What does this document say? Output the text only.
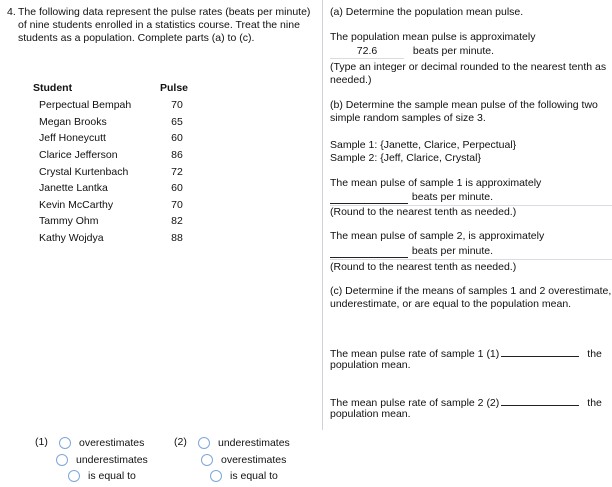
4. The following data represent the pulse rates (beats per minute) of nine students enrolled in a statistics course. Treat the nine students as a population. Complete parts (a) to (c).
Student	Pulse
Perpectual Bempah	70
Megan Brooks	65
Jeff Honeycutt	60
Clarice Jefferson	86
Crystal Kurtenbach	72
Janette Lantka	60
Kevin McCarthy	70
Tammy Ohm	82
Kathy Wojdya	88
(a) Determine the population mean pulse.
The population mean pulse is approximately
72.6	beats per minute.
(Type an integer or decimal rounded to the nearest tenth as needed.)
(b) Determine the sample mean pulse of the following two simple random samples of size 3.
Sample 1: {Janette, Clarice, Perpectual}
Sample 2: {Jeff, Clarice, Crystal}
The mean pulse of sample 1 is approximately
beats per minute.
(Round to the nearest tenth as needed.)
The mean pulse of sample 2, is approximately
beats per minute.
(Round to the nearest tenth as needed.)
(c) Determine if the means of samples 1 and 2 overestimate, underestimate, or are equal to the population mean.
The mean pulse rate of sample 1 (1)	the
population mean.
The mean pulse rate of sample 2 (2)	the
population mean.
(1)	overestimates
underestimates
is equal to
(2)	underestimates
overestimates
is equal to
